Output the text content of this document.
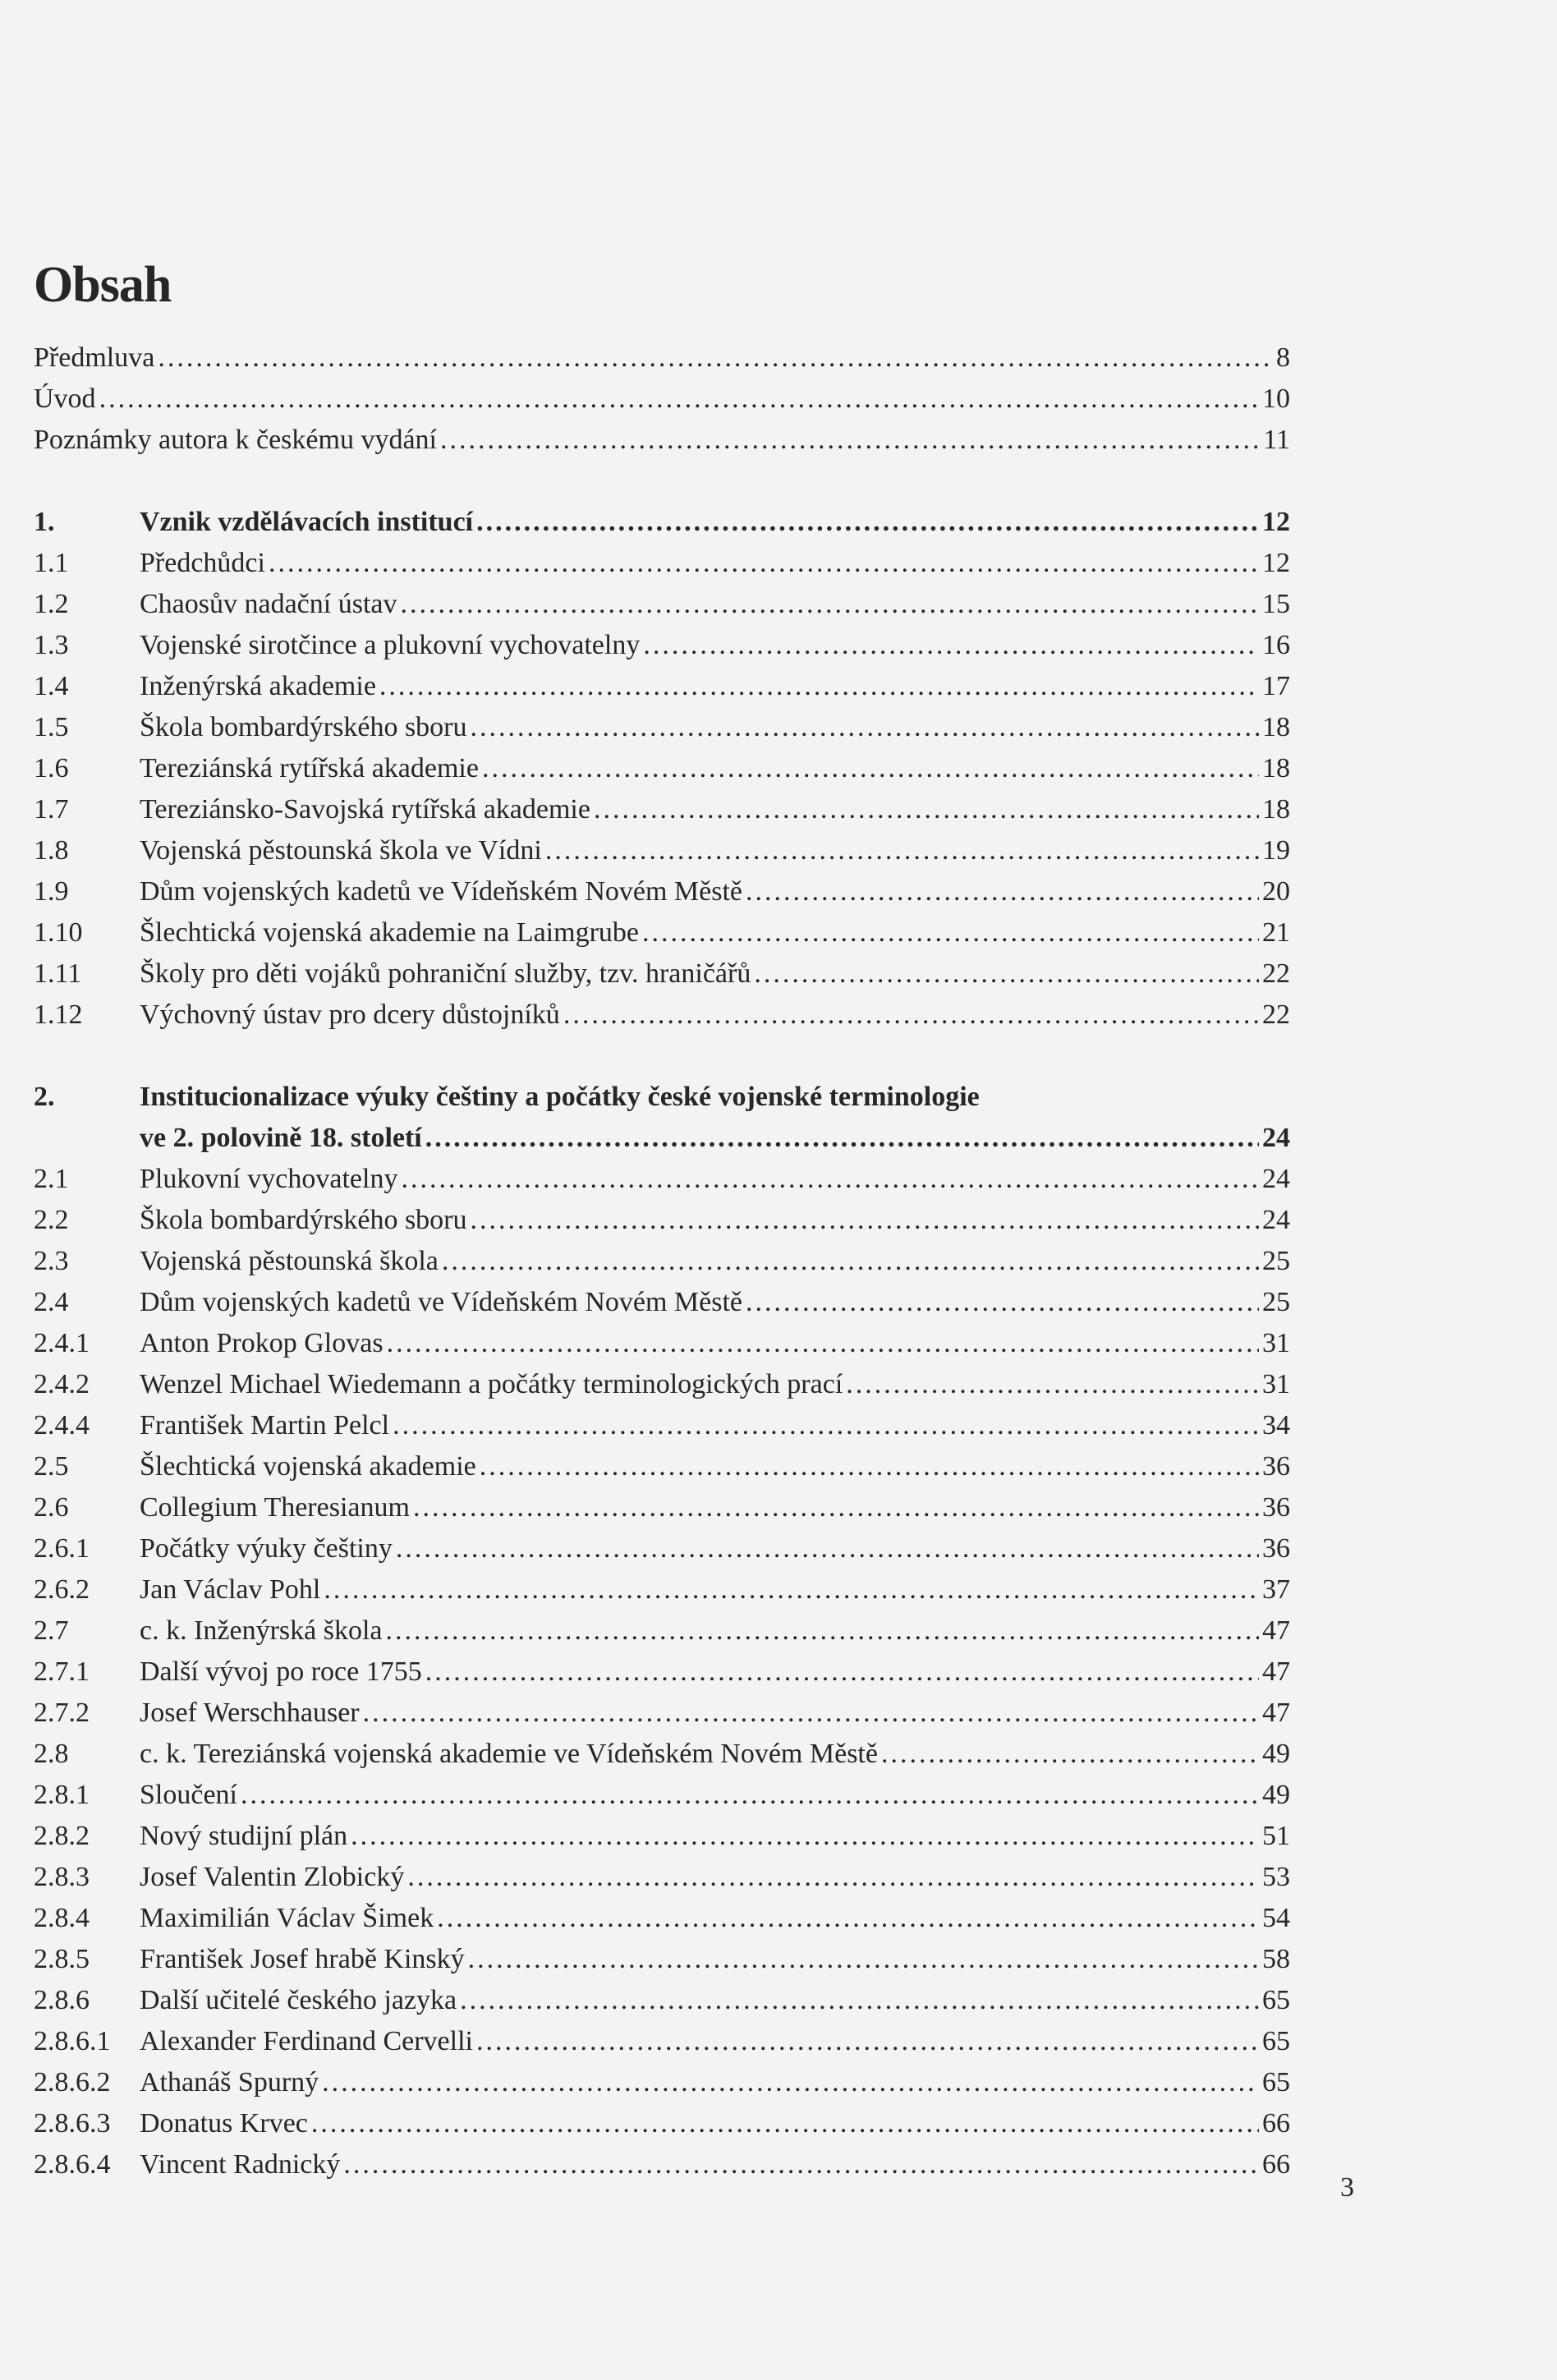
Obsah
Předmluva .....	8
Úvod .....	10
Poznámky autora k českému vydání .....	11
1.	Vznik vzdělávacích institucí .....	12
1.1	Předchůdci .....	12
1.2	Chaosův nadační ústav .....	15
1.3	Vojenské sirotčince a plukovní vychovatelny .....	16
1.4	Inženýrská akademie .....	17
1.5	Škola bombardýrského sboru .....	18
1.6	Tereziánská rytířská akademie .....	18
1.7	Tereziánsko-Savojská rytířská akademie .....	18
1.8	Vojenská pěstounská škola ve Vídni .....	19
1.9	Dům vojenských kadetů ve Vídeňském Novém Městě .....	20
1.10	Šlechtická vojenská akademie na Laimgrube .....	21
1.11	Školy pro děti vojáků pohraniční služby, tzv. hraničářů .....	22
1.12	Výchovný ústav pro dcery důstojníků .....	22
2.	Institucionalizace výuky češtiny a počátky české vojenské terminologie
ve 2. polovině 18. století .....	24
2.1	Plukovní vychovatelny .....	24
2.2	Škola bombardýrského sboru .....	24
2.3	Vojenská pěstounská škola .....	25
2.4	Dům vojenských kadetů ve Vídeňském Novém Městě .....	25
2.4.1	Anton Prokop Glovas .....	31
2.4.2	Wenzel Michael Wiedemann a počátky terminologických prací .....	31
2.4.4	František Martin Pelcl .....	34
2.5	Šlechtická vojenská akademie .....	36
2.6	Collegium Theresianum .....	36
2.6.1	Počátky výuky češtiny .....	36
2.6.2	Jan Václav Pohl .....	37
2.7	c. k. Inženýrská škola .....	47
2.7.1	Další vývoj po roce 1755 .....	47
2.7.2	Josef Werschhauser .....	47
2.8	c. k. Tereziánská vojenská akademie ve Vídeňském Novém Městě .....	49
2.8.1	Sloučení .....	49
2.8.2	Nový studijní plán .....	51
2.8.3	Josef Valentin Zlobický .....	53
2.8.4	Maximilián Václav Šimek .....	54
2.8.5	František Josef hrabě Kinský .....	58
2.8.6	Další učitelé českého jazyka .....	65
2.8.6.1	Alexander Ferdinand Cervelli .....	65
2.8.6.2	Athanáš Spurný .....	65
2.8.6.3	Donatus Krvec .....	66
2.8.6.4	Vincent Radnický .....	66
3
